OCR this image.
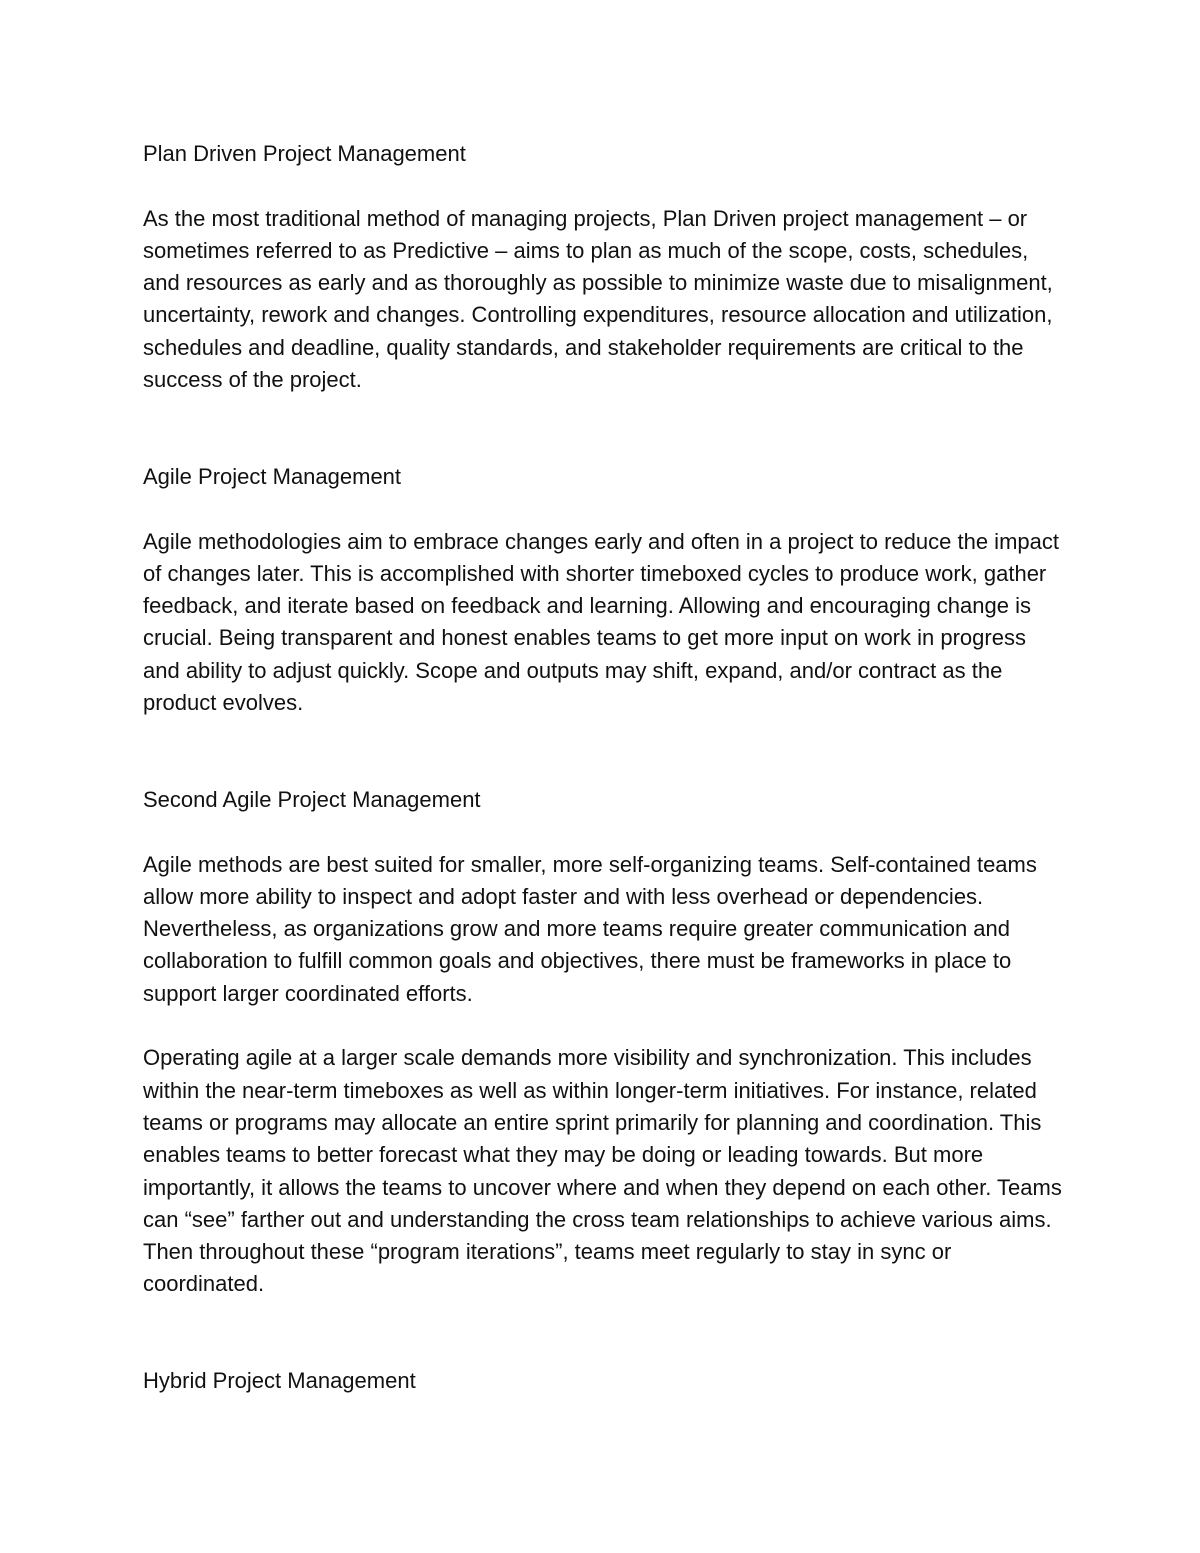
Plan Driven Project Management

As the most traditional method of managing projects, Plan Driven project management – or sometimes referred to as Predictive – aims to plan as much of the scope, costs, schedules, and resources as early and as thoroughly as possible to minimize waste due to misalignment, uncertainty, rework and changes. Controlling expenditures, resource allocation and utilization, schedules and deadline, quality standards, and stakeholder requirements are critical to the success of the project.

Agile Project Management

Agile methodologies aim to embrace changes early and often in a project to reduce the impact of changes later. This is accomplished with shorter timeboxed cycles to produce work, gather feedback, and iterate based on feedback and learning. Allowing and encouraging change is crucial. Being transparent and honest enables teams to get more input on work in progress and ability to adjust quickly. Scope and outputs may shift, expand, and/or contract as the product evolves.

Second Agile Project Management

Agile methods are best suited for smaller, more self-organizing teams. Self-contained teams allow more ability to inspect and adopt faster and with less overhead or dependencies. Nevertheless, as organizations grow and more teams require greater communication and collaboration to fulfill common goals and objectives, there must be frameworks in place to support larger coordinated efforts.

Operating agile at a larger scale demands more visibility and synchronization. This includes within the near-term timeboxes as well as within longer-term initiatives. For instance, related teams or programs may allocate an entire sprint primarily for planning and coordination. This enables teams to better forecast what they may be doing or leading towards. But more importantly, it allows the teams to uncover where and when they depend on each other. Teams can “see” farther out and understanding the cross team relationships to achieve various aims. Then throughout these “program iterations”, teams meet regularly to stay in sync or coordinated.

Hybrid Project Management
